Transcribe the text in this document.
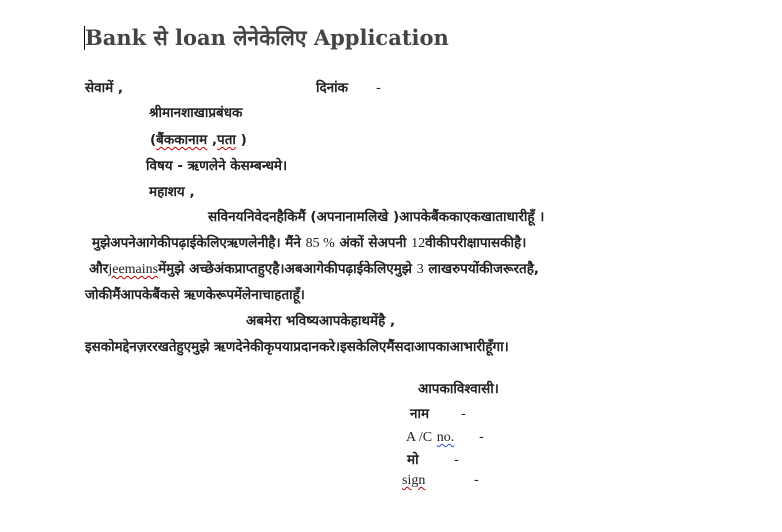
Bank से loan लेनेकेलिए Application
सेवामें ,	दिनांक -
श्रीमानशाखाप्रबंधक
(बैंककानाम ,पता )
विषय - ऋणलेने केसम्बन्धमे।
महाशय ,
सविनयनिवेदनहैकिमैं (अपनानामलिखे )आपकेबैंककाएकखाताधारीहूँ ।
मुझेअपनेआगेकीपढ़ाईकेलिएऋणलेनीहै। मैंने 85 % अंकों सेअपनी 12वीकीपरीक्षापासकीहै।
औरjeemainsमेंमुझे अच्छेअंकप्राप्तहुएहै।अबआगेकीपढ़ाईकेलिएमुझे 3 लाखरुपयोंकीजरूरतहै,
जोकीमैंआपकेबैंकसे ऋणकेरूपमेंलेनाचाहताहूँ।
अबमेरा भविष्यआपकेहाथमेंहै ,
इसकोमद्देनज़ररखतेहुएमुझे ऋणदेनेकीकृपयाप्रदानकरे।इसकेलिएमैंसदाआपकाआभारीहूँगा।
आपकाविश्वासी।
नाम -
A /C no. -
मो	-
sign	-
